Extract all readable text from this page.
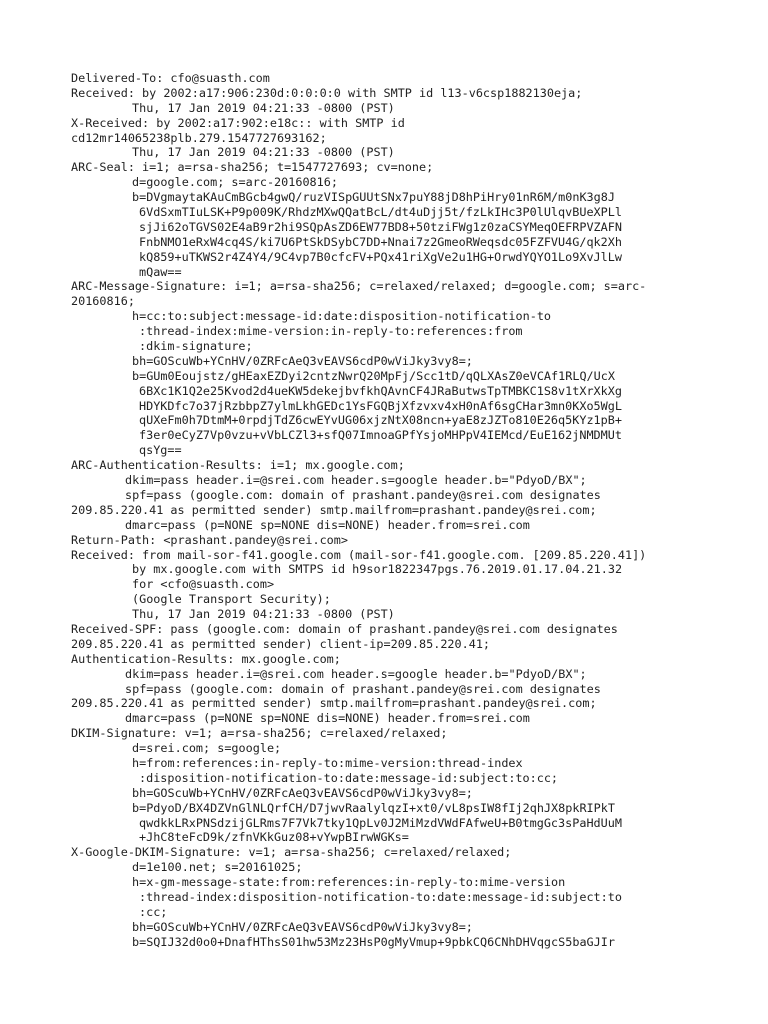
Delivered-To: cfo@suasth.com
Received: by 2002:a17:906:230d:0:0:0:0 with SMTP id l13-v6csp1882130eja;
Thu, 17 Jan 2019 04:21:33 -0800 (PST)
X-Received: by 2002:a17:902:e18c:: with SMTP id
cd12mr14065238plb.279.1547727693162;
Thu, 17 Jan 2019 04:21:33 -0800 (PST)
ARC-Seal: i=1; a=rsa-sha256; t=1547727693; cv=none;
d=google.com; s=arc-20160816;
b=DVgmaytaKAuCmBGcb4gwQ/ruzVISpGUUtSNx7puY88jD8hPiHry01nR6M/m0nK3g8J
6VdSxmTIuLSK+P9p009K/RhdzMXwQQatBcL/dt4uDjj5t/fzLkIHc3P0lUlqvBUeXPLl
sjJi62oTGVS02E4aB9r2hi9SQpAsZD6EW77BD8+50tziFWg1z0zaCSYMeqOEFRPVZAFN
FnbNMO1eRxW4cq4S/ki7U6PtSkDSybC7DD+Nnai7z2GmeoRWeqsdc05FZFVU4G/qk2Xh
kQ859+uTKWS2r4Z4Y4/9C4vp7B0cfcFV+PQx41riXgVe2u1HG+OrwdYQYO1Lo9XvJlLw
mQaw==
ARC-Message-Signature: i=1; a=rsa-sha256; c=relaxed/relaxed; d=google.com; s=arc-
20160816;
h=cc:to:subject:message-id:date:disposition-notification-to
:thread-index:mime-version:in-reply-to:references:from
:dkim-signature;
bh=GOScuWb+YCnHV/0ZRFcAeQ3vEAVS6cdP0wViJky3vy8=;
b=GUm0Eoujstz/gHEaxEZDyi2cntzNwrQ20MpFj/Scc1tD/qQLXAsZ0eVCAf1RLQ/UcX
6BXc1K1Q2e25Kvod2d4ueKW5dekejbvfkhQAvnCF4JRaButwsTpTMBKC1S8v1tXrXkXg
HDYKDfc7o37jRzbbpZ7ylmLkhGEDc1YsFGQBjXfzvxv4xH0nAf6sgCHar3mn0KXo5WgL
qUXeFm0h7DtmM+0rpdjTdZ6cwEYvUG06xjzNtX08ncn+yaE8zJZTo810E26q5KYz1pB+
f3er0eCyZ7Vp0vzu+vVbLCZl3+sfQ07ImnoaGPfYsjoMHPpV4IEMcd/EuE162jNMDMUt
qsYg==
ARC-Authentication-Results: i=1; mx.google.com;
dkim=pass header.i=@srei.com header.s=google header.b="PdyoD/BX";
spf=pass (google.com: domain of prashant.pandey@srei.com designates
209.85.220.41 as permitted sender) smtp.mailfrom=prashant.pandey@srei.com;
dmarc=pass (p=NONE sp=NONE dis=NONE) header.from=srei.com
Return-Path: <prashant.pandey@srei.com>
Received: from mail-sor-f41.google.com (mail-sor-f41.google.com. [209.85.220.41])
by mx.google.com with SMTPS id h9sor1822347pgs.76.2019.01.17.04.21.32
for <cfo@suasth.com>
(Google Transport Security);
Thu, 17 Jan 2019 04:21:33 -0800 (PST)
Received-SPF: pass (google.com: domain of prashant.pandey@srei.com designates
209.85.220.41 as permitted sender) client-ip=209.85.220.41;
Authentication-Results: mx.google.com;
dkim=pass header.i=@srei.com header.s=google header.b="PdyoD/BX";
spf=pass (google.com: domain of prashant.pandey@srei.com designates
209.85.220.41 as permitted sender) smtp.mailfrom=prashant.pandey@srei.com;
dmarc=pass (p=NONE sp=NONE dis=NONE) header.from=srei.com
DKIM-Signature: v=1; a=rsa-sha256; c=relaxed/relaxed;
d=srei.com; s=google;
h=from:references:in-reply-to:mime-version:thread-index
:disposition-notification-to:date:message-id:subject:to:cc;
bh=GOScuWb+YCnHV/0ZRFcAeQ3vEAVS6cdP0wViJky3vy8=;
b=PdyoD/BX4DZVnGlNLQrfCH/D7jwvRaalylqzI+xt0/vL8psIW8fIj2qhJX8pkRIPkT
qwdkkLRxPNSdzijGLRms7F7Vk7tky1QpLv0J2MiMzdVWdFAfweU+B0tmgGc3sPaHdUuM
+JhC8teFcD9k/zfnVKkGuz08+vYwpBIrwWGKs=
X-Google-DKIM-Signature: v=1; a=rsa-sha256; c=relaxed/relaxed;
d=1e100.net; s=20161025;
h=x-gm-message-state:from:references:in-reply-to:mime-version
:thread-index:disposition-notification-to:date:message-id:subject:to
:cc;
bh=GOScuWb+YCnHV/0ZRFcAeQ3vEAVS6cdP0wViJky3vy8=;
b=SQIJ32d0o0+DnafHThsS01hw53Mz23HsP0gMyVmup+9pbkCQ6CNhDHVqgcS5baGJIr
